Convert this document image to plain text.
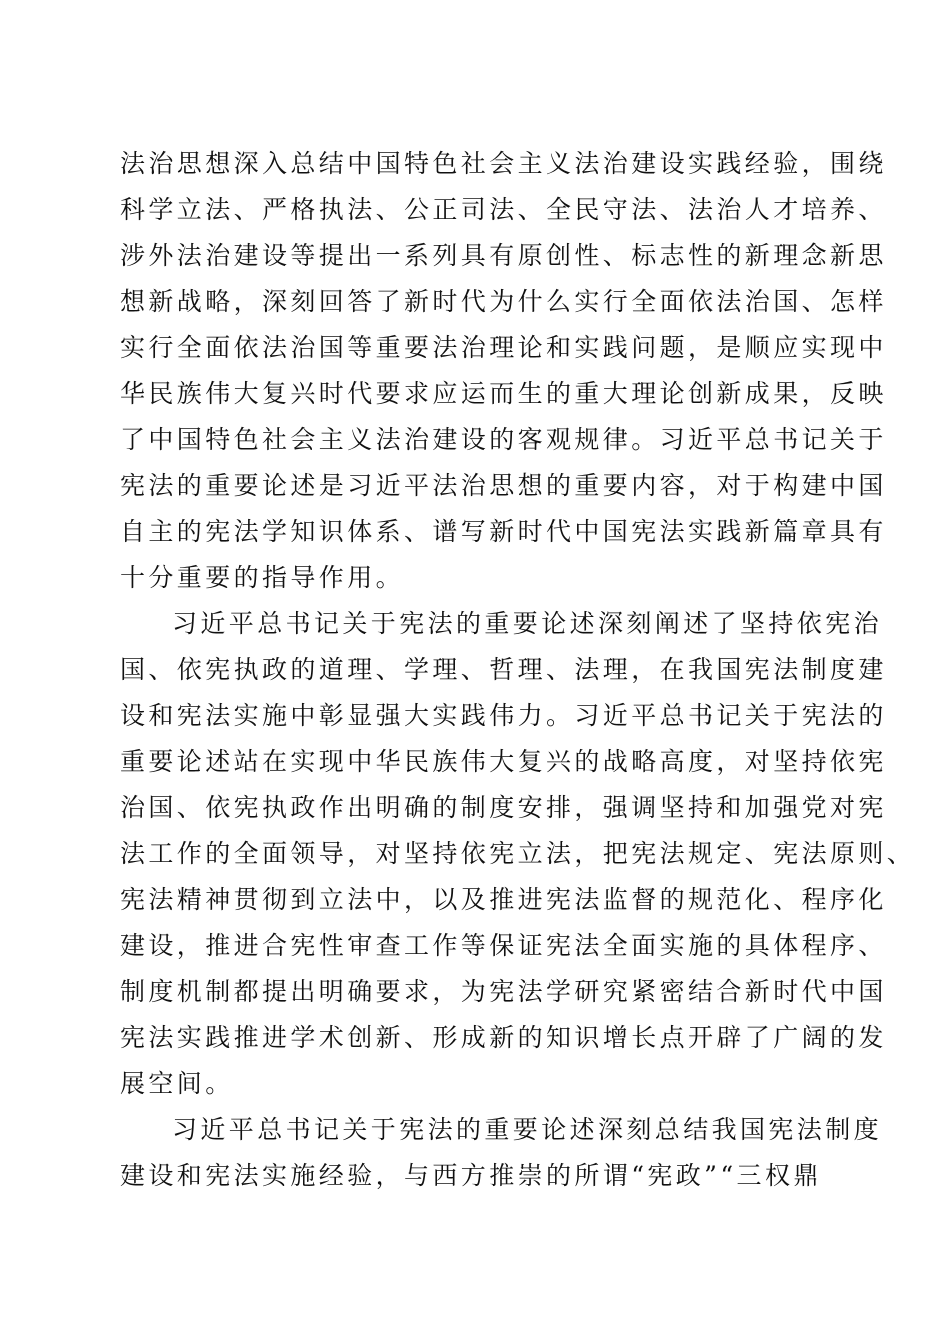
法治思想深入总结中国特色社会主义法治建设实践经验，围绕
科学立法、严格执法、公正司法、全民守法、法治人才培养、
涉外法治建设等提出一系列具有原创性、标志性的新理念新思
想新战略，深刻回答了新时代为什么实行全面依法治国、怎样
实行全面依法治国等重要法治理论和实践问题，是顺应实现中
华民族伟大复兴时代要求应运而生的重大理论创新成果，反映
了中国特色社会主义法治建设的客观规律。习近平总书记关于
宪法的重要论述是习近平法治思想的重要内容，对于构建中国
自主的宪法学知识体系、谱写新时代中国宪法实践新篇章具有
十分重要的指导作用。
习近平总书记关于宪法的重要论述深刻阐述了坚持依宪治
国、依宪执政的道理、学理、哲理、法理，在我国宪法制度建
设和宪法实施中彰显强大实践伟力。习近平总书记关于宪法的
重要论述站在实现中华民族伟大复兴的战略高度，对坚持依宪
治国、依宪执政作出明确的制度安排，强调坚持和加强党对宪
法工作的全面领导，对坚持依宪立法，把宪法规定、宪法原则、
宪法精神贯彻到立法中，以及推进宪法监督的规范化、程序化
建设，推进合宪性审查工作等保证宪法全面实施的具体程序、
制度机制都提出明确要求，为宪法学研究紧密结合新时代中国
宪法实践推进学术创新、形成新的知识增长点开辟了广阔的发
展空间。
习近平总书记关于宪法的重要论述深刻总结我国宪法制度
建设和宪法实施经验，与西方推崇的所谓“宪政”“三权鼎
